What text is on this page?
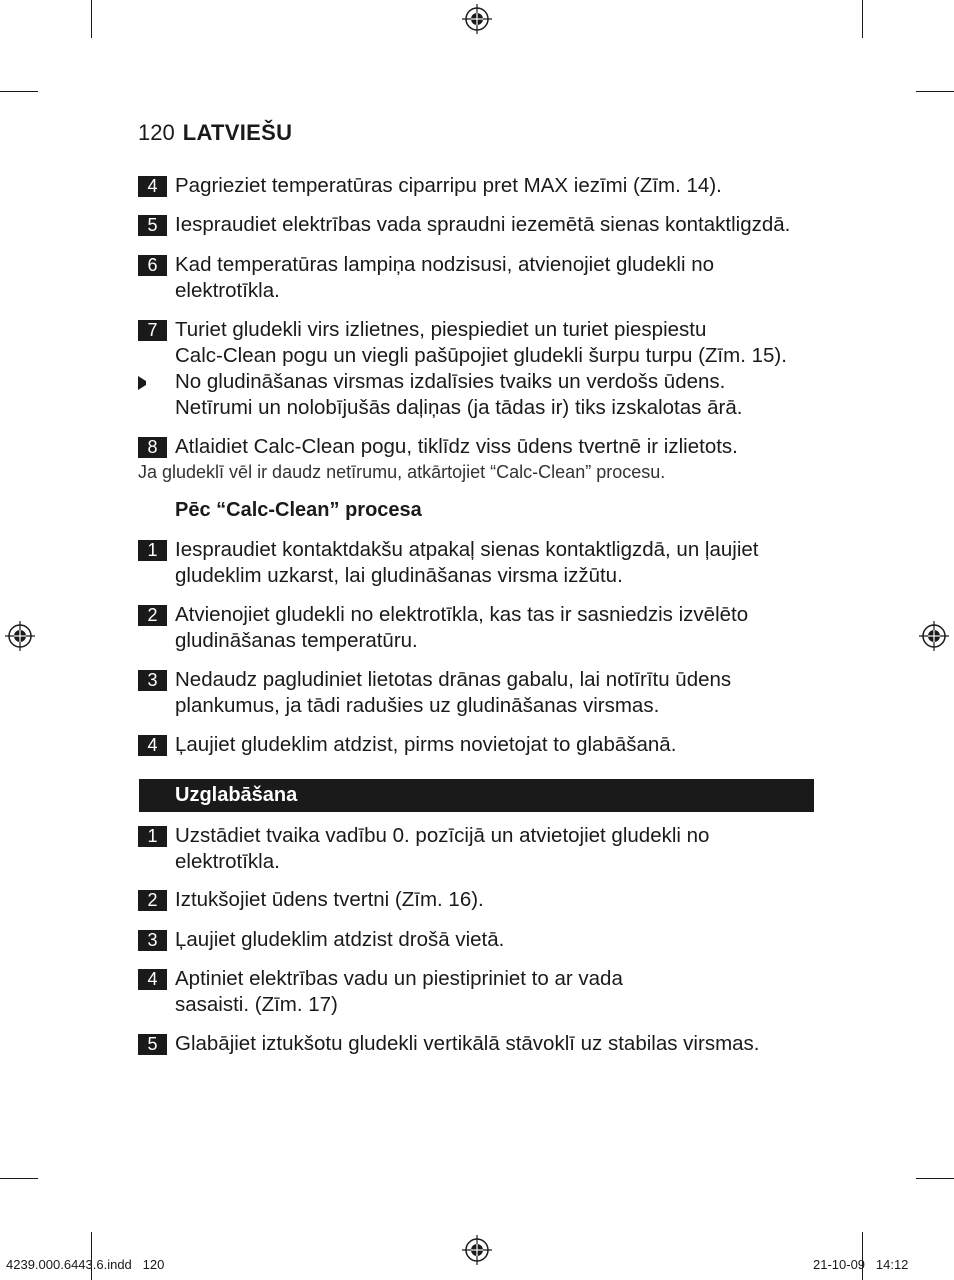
120 LATVIEŠU
4 Pagrieziet temperatūras ciparripu pret MAX iezīmi (Zīm. 14).
5 Iespraudiet elektrības vada spraudni iezemētā sienas kontaktligzdā.
6 Kad temperatūras lampiņa nodzisusi, atvienojiet gludekli no
elektrotīkla.
7 Turiet gludekli virs izlietnes, piespiediet un turiet piespiestu
Calc-Clean pogu un viegli pašūpojiet gludekli šurpu turpu (Zīm. 15).
No gludināšanas virsmas izdalīsies tvaiks un verdošs ūdens.
Netīrumi un nolobījušās daļiņas (ja tādas ir) tiks izskalotas ārā.
8 Atlaidiet Calc-Clean pogu, tiklīdz viss ūdens tvertnē ir izlietots.
Ja gludeklī vēl ir daudz netīrumu, atkārtojiet “Calc-Clean” procesu.
Pēc “Calc-Clean” procesa
1 Iespraudiet kontaktdakšu atpakaļ sienas kontaktligzdā, un ļaujiet
gludeklim uzkarst, lai gludināšanas virsma izžūtu.
2 Atvienojiet gludekli no elektrotīkla, kas tas ir sasniedzis izvēlēto
gludināšanas temperatūru.
3 Nedaudz pagludiniet lietotas drānas gabalu, lai notīrītu ūdens
plankumus, ja tādi radušies uz gludināšanas virsmas.
4 Ļaujiet gludeklim atdzist, pirms novietojat to glabāšanā.
Uzglabāšana
1 Uzstādiet tvaika vadību 0. pozīcijā un atvietojiet gludekli no
elektrotīkla.
2 Iztukšojiet ūdens tvertni (Zīm. 16).
3 Ļaujiet gludeklim atdzist drošā vietā.
4 Aptiniet elektrības vadu un piestipriniet to ar vada
sasaisti. (Zīm. 17)
5 Glabājiet iztukšotu gludekli vertikālā stāvoklī uz stabilas virsmas.
4239.000.6443.6.indd   120	21-10-09   14:12
